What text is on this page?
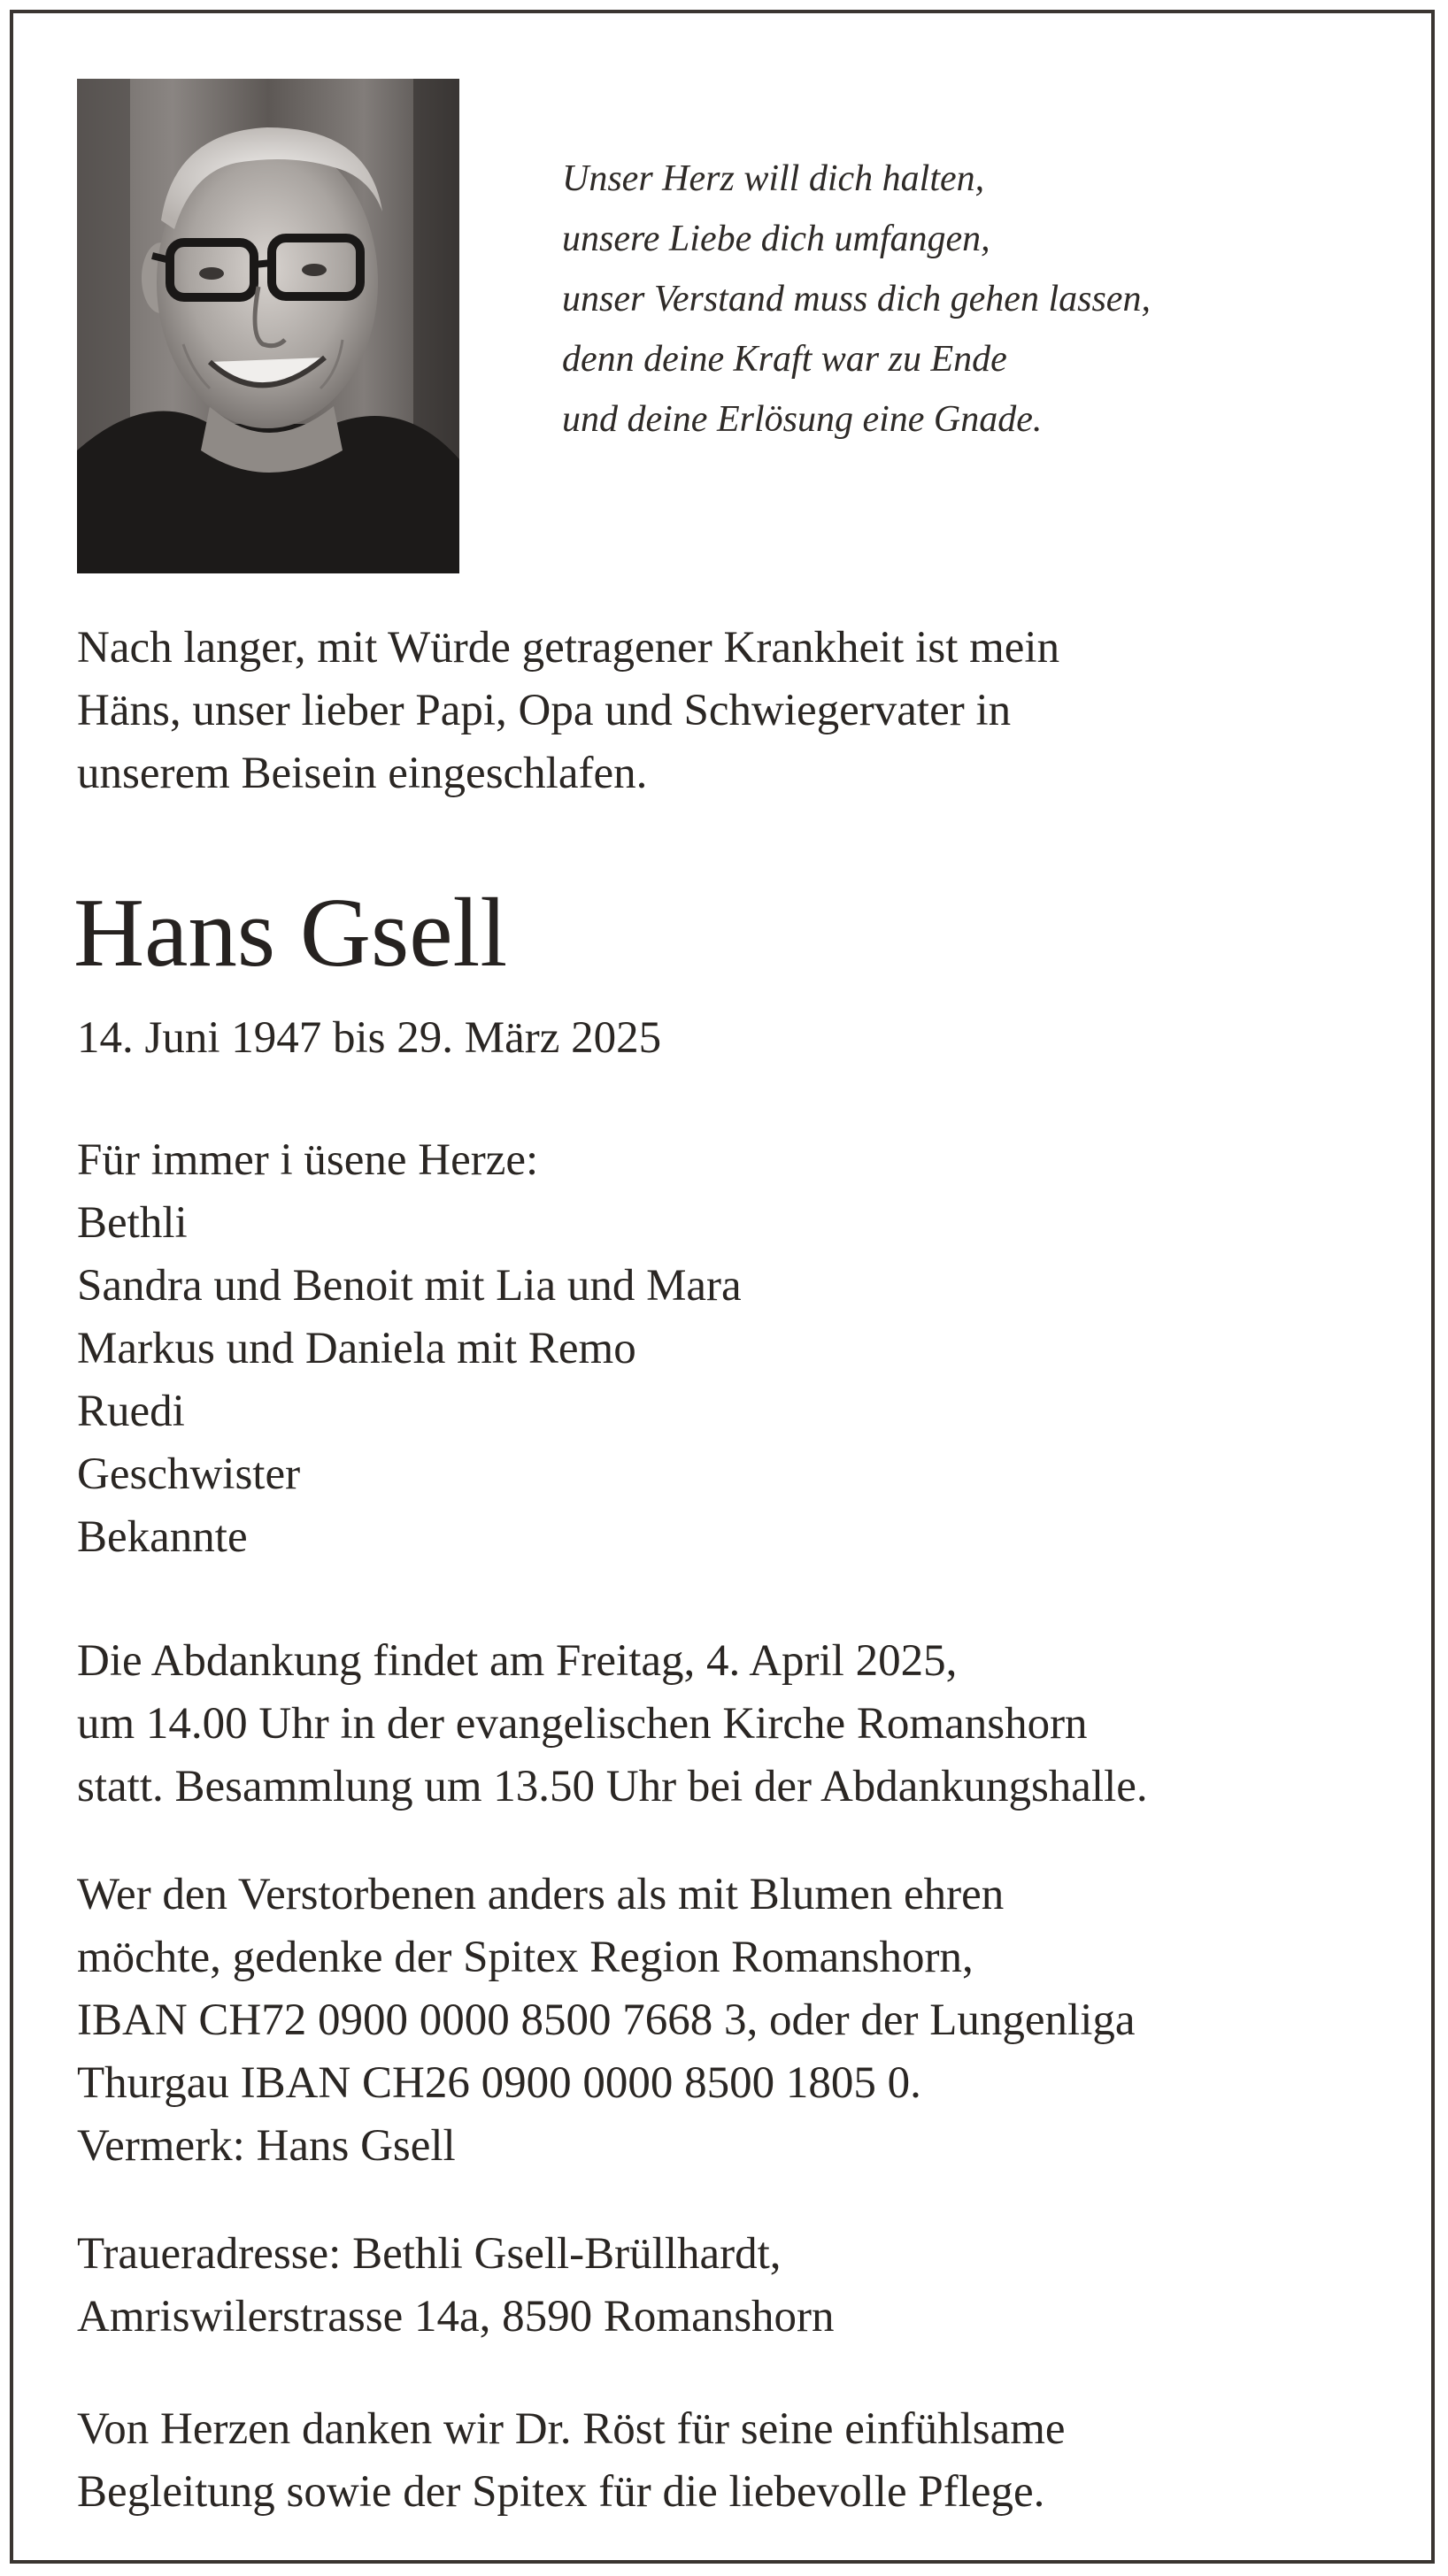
Unser Herz will dich halten,
unsere Liebe dich umfangen,
unser Verstand muss dich gehen lassen,
denn deine Kraft war zu Ende
und deine Erlösung eine Gnade.
Nach langer, mit Würde getragener Krankheit ist mein
Häns, unser lieber Papi, Opa und Schwiegervater in
unserem Beisein eingeschlafen.
Hans Gsell
14. Juni 1947 bis 29. März 2025
Für immer i üsene Herze:
Bethli
Sandra und Benoit mit Lia und Mara
Markus und Daniela mit Remo
Ruedi
Geschwister
Bekannte
Die Abdankung findet am Freitag, 4. April 2025,
um 14.00 Uhr in der evangelischen Kirche Romanshorn
statt. Besammlung um 13.50 Uhr bei der Abdankungshalle.
Wer den Verstorbenen anders als mit Blumen ehren
möchte, gedenke der Spitex Region Romanshorn,
IBAN CH72 0900 0000 8500 7668 3, oder der Lungenliga
Thurgau IBAN CH26 0900 0000 8500 1805 0.
Vermerk: Hans Gsell
Traueradresse: Bethli Gsell-Brüllhardt,
Amriswilerstrasse 14a, 8590 Romanshorn
Von Herzen danken wir Dr. Röst für seine einfühlsame
Begleitung sowie der Spitex für die liebevolle Pflege.
